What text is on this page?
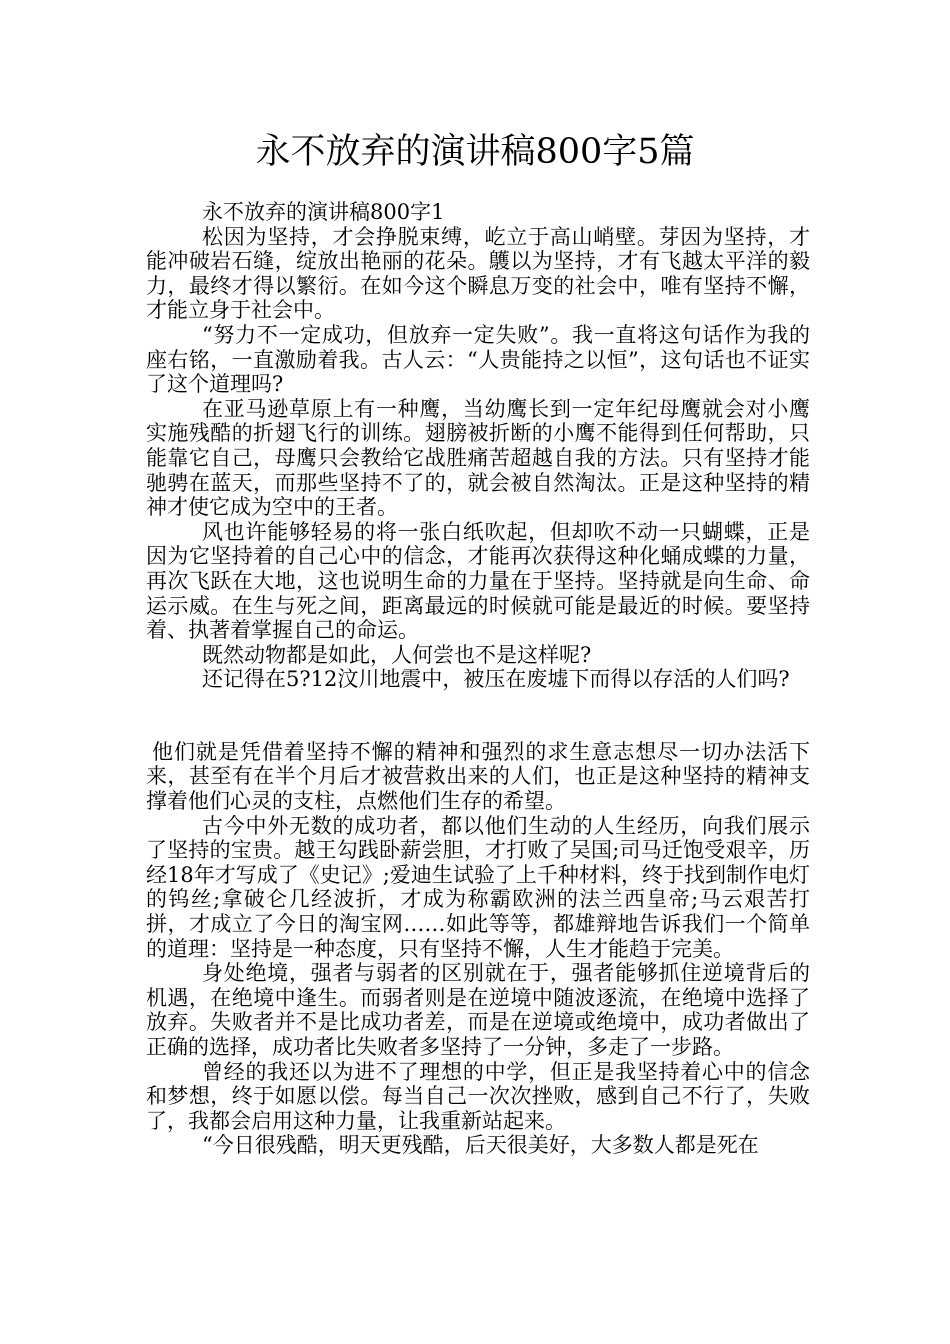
永不放弃的演讲稿800字5篇

永不放弃的演讲稿800字1

松因为坚持，才会挣脱束缚，屹立于高山峭壁。芽因为坚持，才能冲破岩石缝，绽放出艳丽的花朵。鸌以为坚持，才有飞越太平洋的毅力，最终才得以繁衍。在如今这个瞬息万变的社会中，唯有坚持不懈，才能立身于社会中。

“努力不一定成功，但放弃一定失败”。我一直将这句话作为我的座右铭，一直激励着我。古人云：“人贵能持之以恒”，这句话也不证实了这个道理吗?

在亚马逊草原上有一种鹰，当幼鹰长到一定年纪母鹰就会对小鹰实施残酷的折翅飞行的训练。翅膀被折断的小鹰不能得到任何帮助，只能靠它自己，母鹰只会教给它战胜痛苦超越自我的方法。只有坚持才能驰骋在蓝天，而那些坚持不了的，就会被自然淘汰。正是这种坚持的精神才使它成为空中的王者。

风也许能够轻易的将一张白纸吹起，但却吹不动一只蝴蝶，正是因为它坚持着的自己心中的信念，才能再次获得这种化蛹成蝶的力量，再次飞跃在大地，这也说明生命的力量在于坚持。坚持就是向生命、命运示威。在生与死之间，距离最远的时候就可能是最近的时候。要坚持着、执著着掌握自己的命运。

既然动物都是如此，人何尝也不是这样呢?

还记得在5?12汶川地震中，被压在废墟下而得以存活的人们吗?

他们就是凭借着坚持不懈的精神和强烈的求生意志想尽一切办法活下来，甚至有在半个月后才被营救出来的人们，也正是这种坚持的精神支撑着他们心灵的支柱，点燃他们生存的希望。

古今中外无数的成功者，都以他们生动的人生经历，向我们展示了坚持的宝贵。越王勾践卧薪尝胆，才打败了吴国;司马迁饱受艰辛，历经18年才写成了《史记》;爱迪生试验了上千种材料，终于找到制作电灯的钨丝;拿破仑几经波折，才成为称霸欧洲的法兰西皇帝;马云艰苦打拼，才成立了今日的淘宝网……如此等等，都雄辩地告诉我们一个简单的道理：坚持是一种态度，只有坚持不懈，人生才能趋于完美。

身处绝境，强者与弱者的区别就在于，强者能够抓住逆境背后的机遇，在绝境中逢生。而弱者则是在逆境中随波逐流，在绝境中选择了放弃。失败者并不是比成功者差，而是在逆境或绝境中，成功者做出了正确的选择，成功者比失败者多坚持了一分钟，多走了一步路。

曾经的我还以为进不了理想的中学，但正是我坚持着心中的信念和梦想，终于如愿以偿。每当自己一次次挫败，感到自己不行了，失败了，我都会启用这种力量，让我重新站起来。

“今日很残酷，明天更残酷，后天很美好，大多数人都是死在
